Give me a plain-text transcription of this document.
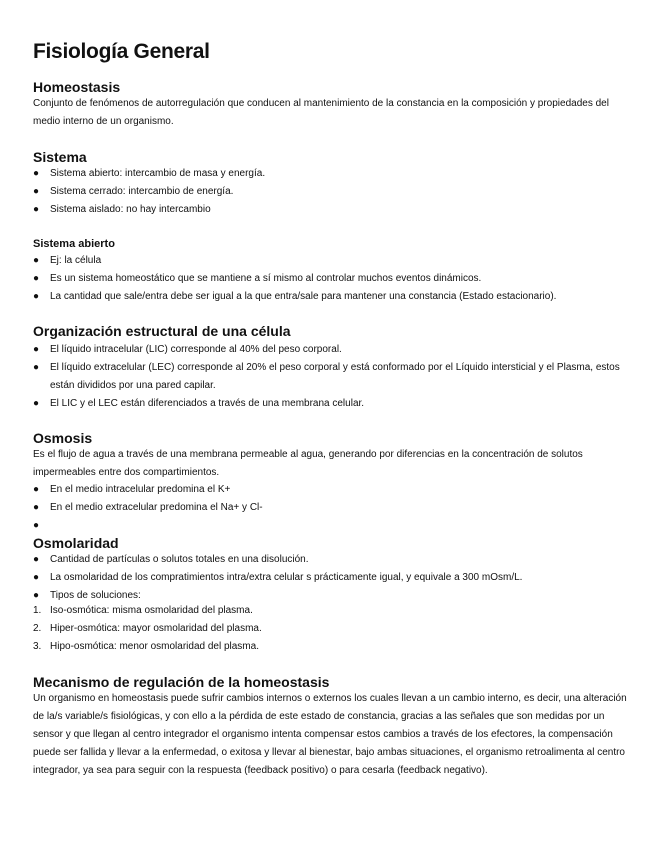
Fisiología General
Homeostasis

Conjunto de fenómenos de autorregulación que conducen al mantenimiento de la constancia en la composición y propiedades del medio interno de un organismo.

Sistema
● Sistema abierto: intercambio de masa y energía.
● Sistema cerrado: intercambio de energía.
● Sistema aislado: no hay intercambio
Sistema abierto
● Ej: la célula
● Es un sistema homeostático que se mantiene a sí mismo al controlar muchos eventos dinámicos.
● La cantidad que sale/entra debe ser igual a la que entra/sale para mantener una constancia (Estado estacionario).
Organización estructural de una célula
● El líquido intracelular (LIC) corresponde al 40% del peso corporal.
● El líquido extracelular (LEC) corresponde al 20% el peso corporal y está conformado por el Líquido intersticial y el Plasma, estos están divididos por una pared capilar.
● El LIC y el LEC están diferenciados a través de una membrana celular.
Osmosis

Es el flujo de agua a través de una membrana permeable al agua, generando por diferencias en la concentración de solutos impermeables entre dos compartimientos.

● En el medio intracelular predomina el K+
● En el medio extracelular predomina el Na+ y Cl-
●
Osmolaridad
● Cantidad de partículas o solutos totales en una disolución.
● La osmolaridad de los compratimientos intra/extra celular s prácticamente igual, y equivale a 300 mOsm/L.
● Tipos de soluciones:
1. Iso-osmótica: misma osmolaridad del plasma.
2. Hiper-osmótica: mayor osmolaridad del plasma.
3. Hipo-osmótica: menor osmolaridad del plasma.
Mecanismo de regulación de la homeostasis

Un organismo en homeostasis puede sufrir cambios internos o externos los cuales llevan a un cambio interno, es decir, una alteración de la/s variable/s fisiológicas, y con ello a la pérdida de este estado de constancia, gracias a las señales que son medidas por un sensor y que llegan al centro integrador el organismo intenta compensar estos cambios a través de los efectores, la compensación puede ser fallida y llevar a la enfermedad, o exitosa y llevar al bienestar, bajo ambas situaciones, el organismo retroalimenta al centro integrador, ya sea para seguir con la respuesta (feedback positivo) o para cesarla (feedback negativo).
